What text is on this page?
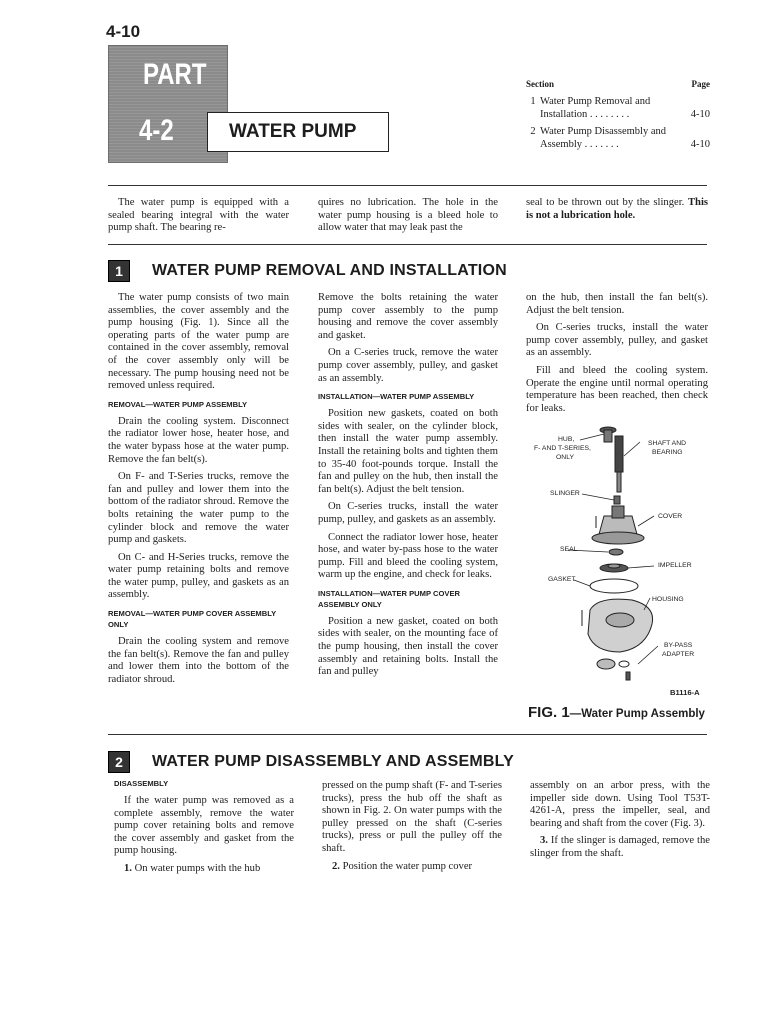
4-10
PART
4-2	WATER PUMP
Section	Page
1 Water Pump Removal and Installation . . . . . . . .	4-10
2 Water Pump Disassembly and Assembly . . . . . . .	4-10

The water pump is equipped with a sealed bearing integral with the water pump shaft. The bearing re-

quires no lubrication. The hole in the water pump housing is a bleed hole to allow water that may leak past the

seal to be thrown out by the slinger. This is not a lubrication hole.

1	WATER PUMP REMOVAL AND INSTALLATION

The water pump consists of two main assemblies, the cover assembly and the pump housing (Fig. 1). Since all the operating parts of the water pump are contained in the cover assembly, removal of the cover assembly only will be necessary. The pump housing need not be removed unless required.

REMOVAL—WATER PUMP ASSEMBLY

Drain the cooling system. Disconnect the radiator lower hose, heater hose, and the water bypass hose at the water pump. Remove the fan belt(s).

On F- and T-Series trucks, remove the fan and pulley and lower them into the bottom of the radiator shroud. Remove the bolts retaining the water pump to the cylinder block and remove the water pump and gaskets.

On C- and H-Series trucks, remove the water pump retaining bolts and remove the water pump, pulley, and gaskets as an assembly.

REMOVAL—WATER PUMP COVER ASSEMBLY ONLY

Drain the cooling system and remove the fan belt(s). Remove the fan and pulley and lower them into the bottom of the radiator shroud.

Remove the bolts retaining the water pump cover assembly to the pump housing and remove the cover assembly and gasket.

On a C-series truck, remove the water pump cover assembly, pulley, and gasket as an assembly.

INSTALLATION—WATER PUMP ASSEMBLY

Position new gaskets, coated on both sides with sealer, on the cylinder block, then install the water pump assembly. Install the retaining bolts and tighten them to 35-40 foot-pounds torque. Install the fan and pulley on the hub, then install the fan belt(s). Adjust the belt tension.

On C-series trucks, install the water pump, pulley, and gaskets as an assembly.

Connect the radiator lower hose, heater hose, and water by-pass hose to the water pump. Fill and bleed the cooling system, warm up the engine, and check for leaks.

INSTALLATION—WATER PUMP COVER ASSEMBLY ONLY

Position a new gasket, coated on both sides with sealer, on the mounting face of the pump housing, then install the cover assembly and retaining bolts. Install the fan and pulley

on the hub, then install the fan belt(s). Adjust the belt tension.

On C-series trucks, install the water pump cover assembly, pulley, and gasket as an assembly.

Fill and bleed the cooling system. Operate the engine until normal operating temperature has been reached, then check for leaks.

HUB,
F- AND T-SERIES,
ONLY
SHAFT AND
BEARING
SLINGER
COVER
SEAL
IMPELLER
GASKET
HOUSING
BY-PASS
ADAPTER
B1116-A
FIG. 1—Water Pump Assembly
2	WATER PUMP DISASSEMBLY AND ASSEMBLY
DISASSEMBLY

If the water pump was removed as a complete assembly, remove the water pump cover retaining bolts and remove the cover assembly and gasket from the pump housing.

1. On water pumps with the hub

pressed on the pump shaft (F- and T-series trucks), press the hub off the shaft as shown in Fig. 2. On water pumps with the pulley pressed on the shaft (C-series trucks), press or pull the pulley off the shaft.

2. Position the water pump cover

assembly on an arbor press, with the impeller side down. Using Tool T53T-4261-A, press the impeller, seal, and bearing and shaft from the cover (Fig. 3).

3. If the slinger is damaged, remove the slinger from the shaft.
